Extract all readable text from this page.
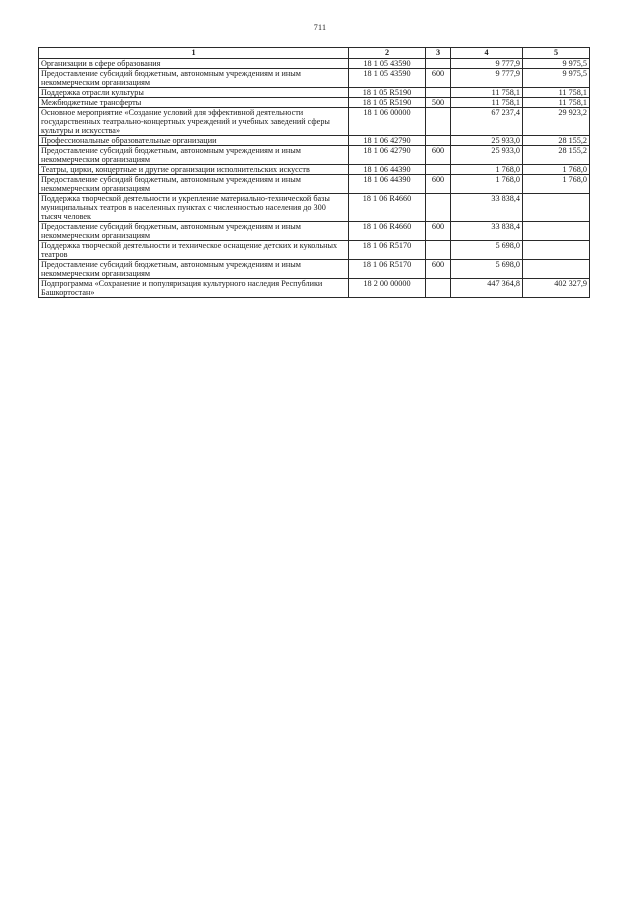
711
1	2	3	4	5
Организации в сфере образования	18 1 05 43590		9 777,9	9 975,5
Предоставление субсидий бюджетным, автономным учреждениям и иным некоммерческим организациям	18 1 05 43590	600	9 777,9	9 975,5
Поддержка отрасли культуры	18 1 05 R5190		11 758,1	11 758,1
Межбюджетные трансферты	18 1 05 R5190	500	11 758,1	11 758,1
Основное мероприятие «Создание условий для эффективной деятельности государственных театрально-концертных учреждений и учебных заведений сферы культуры и искусства»	18 1 06 00000		67 237,4	29 923,2
Профессиональные образовательные организации	18 1 06 42790		25 933,0	28 155,2
Предоставление субсидий бюджетным, автономным учреждениям и иным некоммерческим организациям	18 1 06 42790	600	25 933,0	28 155,2
Театры, цирки, концертные и другие организации исполнительских искусств	18 1 06 44390		1 768,0	1 768,0
Предоставление субсидий бюджетным, автономным учреждениям и иным некоммерческим организациям	18 1 06 44390	600	1 768,0	1 768,0
Поддержка творческой деятельности и укрепление материально-технической базы муниципальных театров в населенных пунктах с численностью населения до 300 тысяч человек	18 1 06 R4660		33 838,4	
Предоставление субсидий бюджетным, автономным учреждениям и иным некоммерческим организациям	18 1 06 R4660	600	33 838,4	
Поддержка творческой деятельности и техническое оснащение детских и кукольных театров	18 1 06 R5170		5 698,0	
Предоставление субсидий бюджетным, автономным учреждениям и иным некоммерческим организациям	18 1 06 R5170	600	5 698,0	
Подпрограмма «Сохранение и популяризация культурного наследия Республики Башкортостан»	18 2 00 00000		447 364,8	402 327,9
